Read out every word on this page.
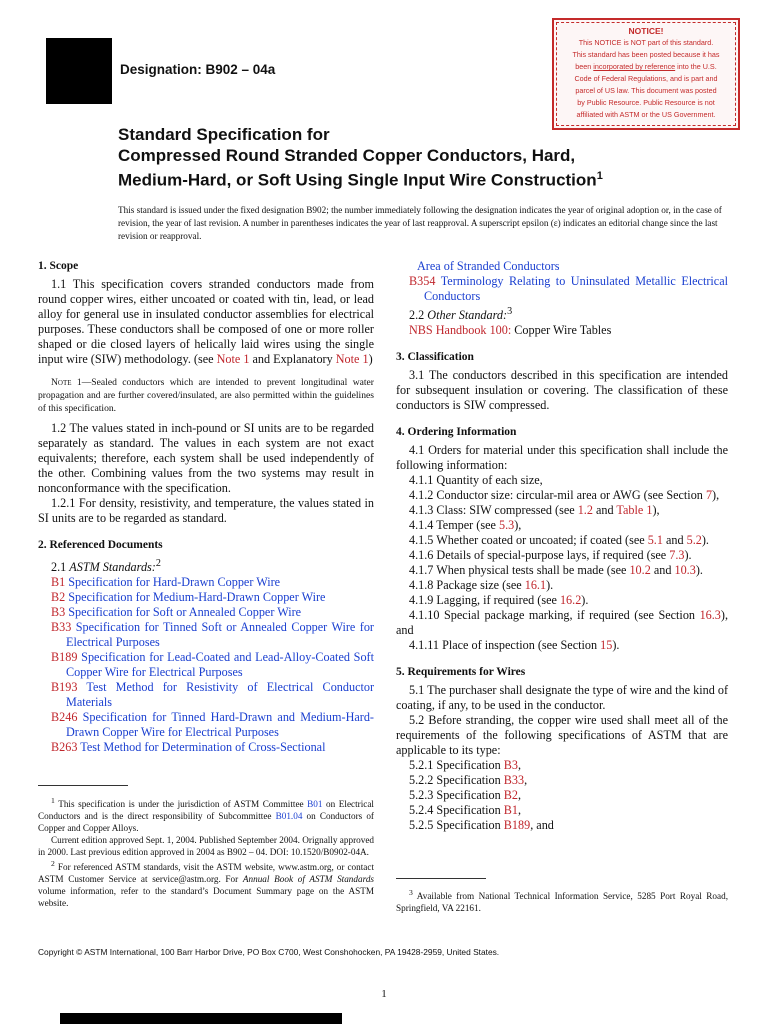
Designation: B902 – 04a
NOTICE!
This NOTICE is NOT part of this standard.
This standard has been posted because it has
been incorporated by reference into the U.S.
Code of Federal Regulations, and is part and
parcel of US law. This document was posted
by Public Resource. Public Resource is not
affiliated with ASTM or the US Government.
Standard Specification for
Compressed Round Stranded Copper Conductors, Hard,
Medium-Hard, or Soft Using Single Input Wire Construction$^1$
This standard is issued under the fixed designation B902; the number immediately following the designation indicates the year of original adoption or, in the case of revision, the year of last revision. A number in parentheses indicates the year of last reapproval. A superscript epsilon (ε) indicates an editorial change since the last revision or reapproval.
1. Scope

1.1 This specification covers stranded conductors made from round copper wires, either uncoated or coated with tin, lead, or lead alloy for general use in insulated conductor assemblies for electrical purposes. These conductors shall be composed of one or more roller shaped or die closed layers of helically laid wires using the single input wire (SIW) methodology. (see Note 1 and Explanatory Note 1)

Note 1—Sealed conductors which are intended to prevent longitudinal water propagation and are further covered/insulated, are also permitted within the guidelines of this specification.

1.2 The values stated in inch-pound or SI units are to be regarded separately as standard. The values in each system are not exact equivalents; therefore, each system shall be used independently of the other. Combining values from the two systems may result in nonconformance with the specification.

1.2.1 For density, resistivity, and temperature, the values stated in SI units are to be regarded as standard.

2. Referenced Documents
2.1 ASTM Standards:$^2$
B1 Specification for Hard-Drawn Copper Wire
B2 Specification for Medium-Hard-Drawn Copper Wire
B3 Specification for Soft or Annealed Copper Wire
B33 Specification for Tinned Soft or Annealed Copper Wire for Electrical Purposes
B189 Specification for Lead-Coated and Lead-Alloy-Coated Soft Copper Wire for Electrical Purposes
B193 Test Method for Resistivity of Electrical Conductor Materials
B246 Specification for Tinned Hard-Drawn and Medium-Hard-Drawn Copper Wire for Electrical Purposes
B263 Test Method for Determination of Cross-Sectional

$^1$ This specification is under the jurisdiction of ASTM Committee B01 on Electrical Conductors and is the direct responsibility of Subcommittee B01.04 on Conductors of Copper and Copper Alloys.

Current edition approved Sept. 1, 2004. Published September 2004. Orignally approved in 2000. Last previous edition approved in 2004 as B902 – 04. DOI: 10.1520/B0902-04A.

$^2$ For referenced ASTM standards, visit the ASTM website, www.astm.org, or contact ASTM Customer Service at service@astm.org. For Annual Book of ASTM Standards volume information, refer to the standard’s Document Summary page on the ASTM website.

Area of Stranded Conductors
B354 Terminology Relating to Uninsulated Metallic Electrical Conductors
2.2 Other Standard:$^3$
NBS Handbook 100: Copper Wire Tables
3. Classification

3.1 The conductors described in this specification are intended for subsequent insulation or covering. The classification of these conductors is SIW compressed.

4. Ordering Information

4.1 Orders for material under this specification shall include the following information:

4.1.1 Quantity of each size,

4.1.2 Conductor size: circular-mil area or AWG (see Section 7),

4.1.3 Class: SIW compressed (see 1.2 and Table 1),

4.1.4 Temper (see 5.3),

4.1.5 Whether coated or uncoated; if coated (see 5.1 and 5.2).

4.1.6 Details of special-purpose lays, if required (see 7.3).

4.1.7 When physical tests shall be made (see 10.2 and 10.3).

4.1.8 Package size (see 16.1).

4.1.9 Lagging, if required (see 16.2).

4.1.10 Special package marking, if required (see Section 16.3), and

4.1.11 Place of inspection (see Section 15).

5. Requirements for Wires

5.1 The purchaser shall designate the type of wire and the kind of coating, if any, to be used in the conductor.

5.2 Before stranding, the copper wire used shall meet all of the requirements of the following specifications of ASTM that are applicable to its type:

5.2.1 Specification B3,

5.2.2 Specification B33,

5.2.3 Specification B2,

5.2.4 Specification B1,

5.2.5 Specification B189, and

$^3$ Available from National Technical Information Service, 5285 Port Royal Road, Springfield, VA 22161.

Copyright © ASTM International, 100 Barr Harbor Drive, PO Box C700, West Conshohocken, PA 19428-2959, United States.
1
